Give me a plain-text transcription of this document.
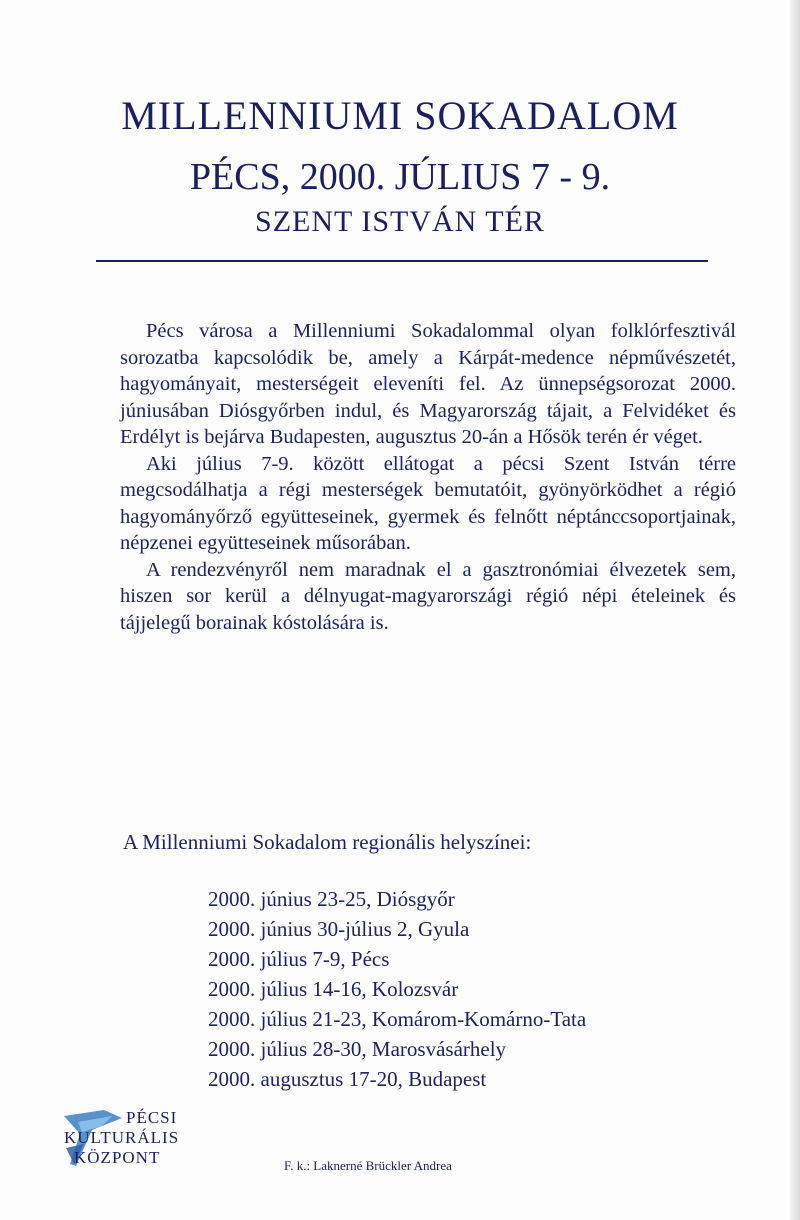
MILLENNIUMI SOKADALOM
PÉCS, 2000. JÚLIUS 7 - 9.
SZENT ISTVÁN TÉR

Pécs városa a Millenniumi Sokadalommal olyan folklórfesztivál sorozatba kapcsolódik be, amely a Kárpát-medence népművészetét, hagyományait, mesterségeit eleveníti fel. Az ünnepségsorozat 2000. júniusában Diósgyőrben indul, és Magyarország tájait, a Felvidéket és Erdélyt is bejárva Budapesten, augusztus 20-án a Hősök terén ér véget.

Aki július 7-9. között ellátogat a pécsi Szent István térre megcsodálhatja a régi mesterségek bemutatóit, gyönyörködhet a régió hagyományőrző együtteseinek, gyermek és felnőtt néptánccsoportjainak, népzenei együtteseinek műsorában.

A rendezvényről nem maradnak el a gasztronómiai élvezetek sem, hiszen sor kerül a délnyugat-magyarországi régió népi ételeinek és tájjelegű borainak kóstolására is.

A Millenniumi Sokadalom regionális helyszínei:
2000. június 23-25, Diósgyőr
2000. június 30-július 2, Gyula
2000. július 7-9, Pécs
2000. július 14-16, Kolozsvár
2000. július 21-23, Komárom-Komárno-Tata
2000. július 28-30, Marosvásárhely
2000. augusztus 17-20, Budapest
PÉCSI
KULTURÁLIS
KÖZPONT	F. k.: Laknerné Brückler Andrea
